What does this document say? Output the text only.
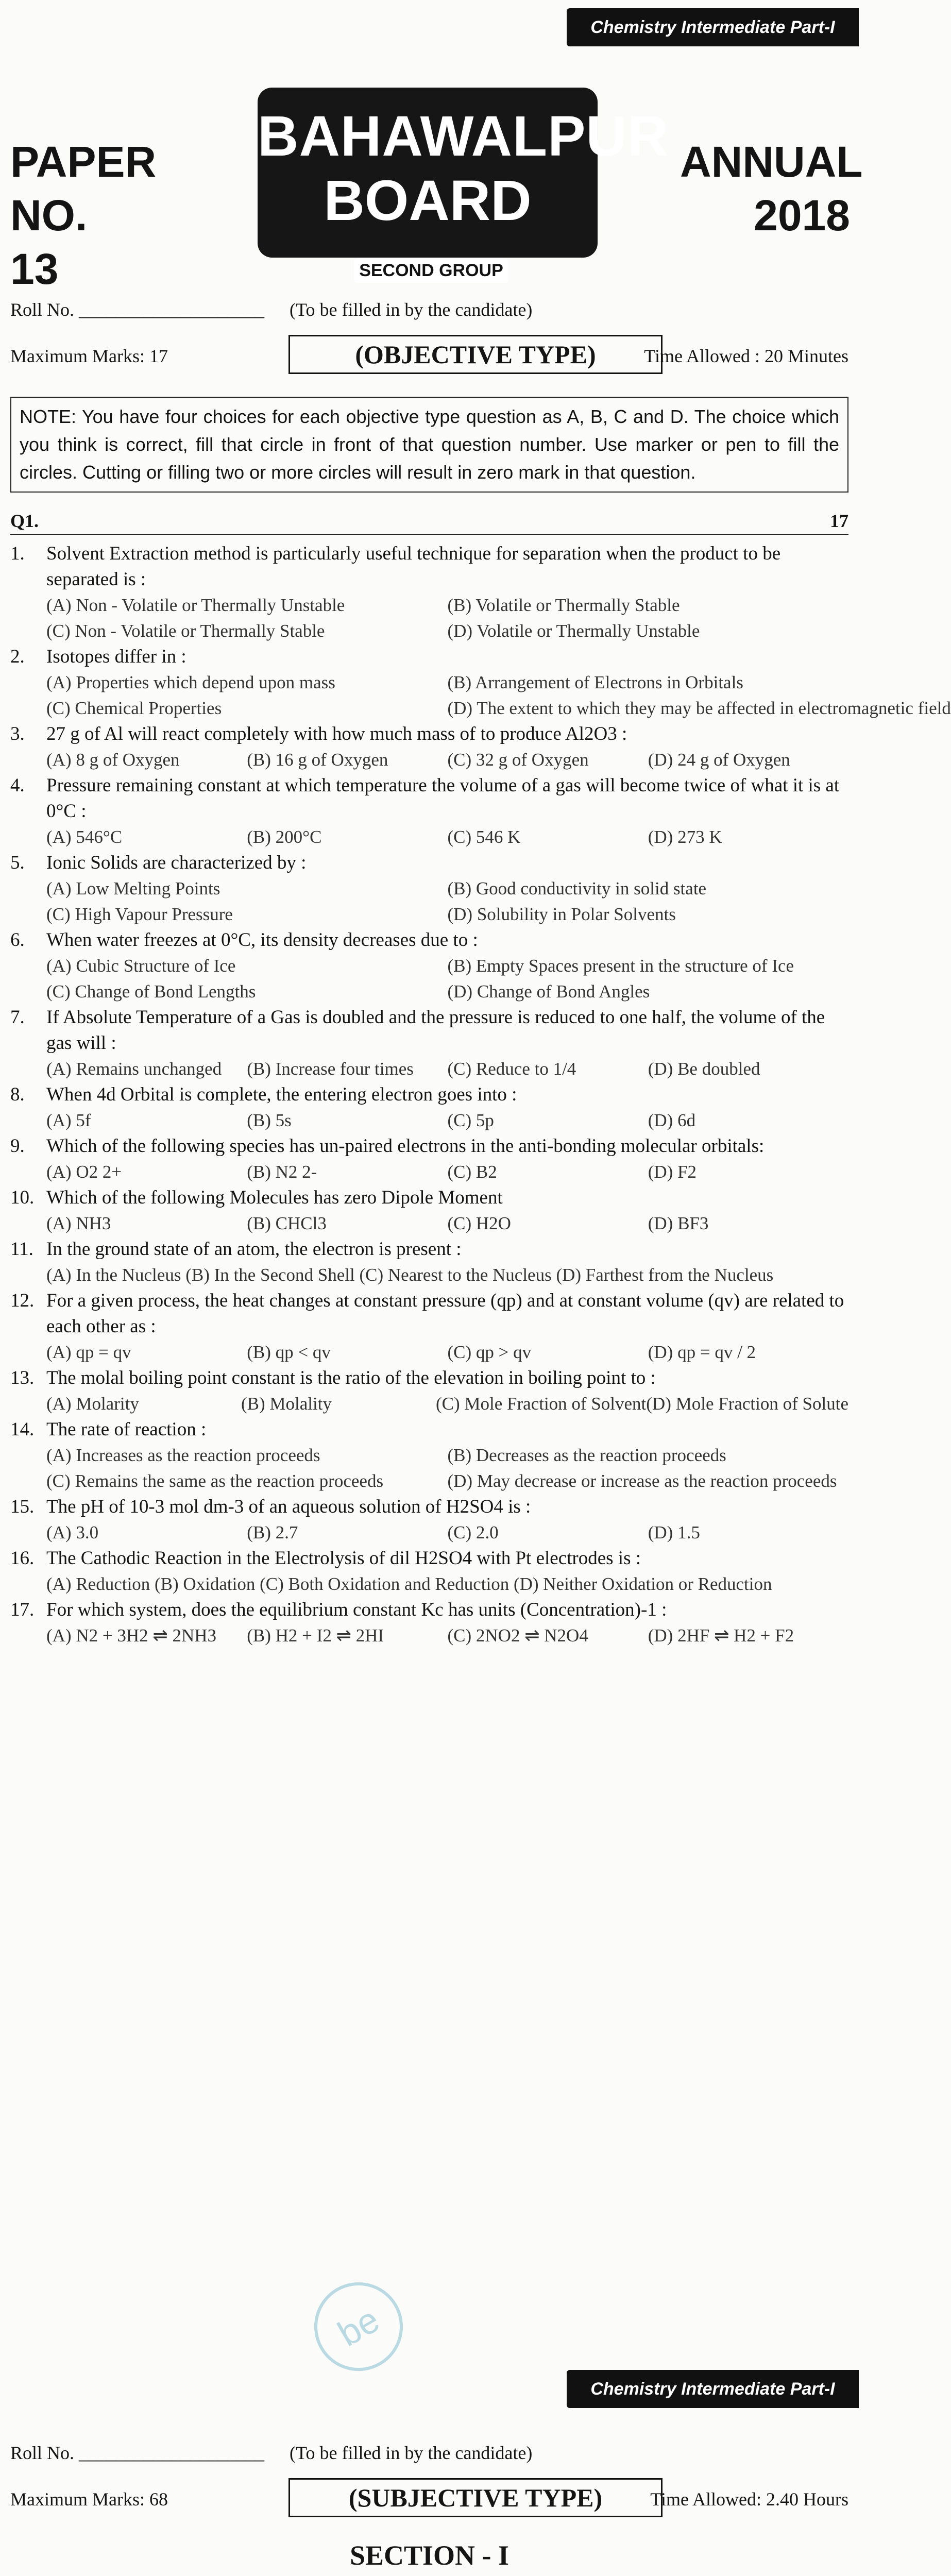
Chemistry Intermediate Part-I
PAPER
NO. 13
BAHAWALPUR
BOARD SECOND GROUP
ANNUAL
2018
Roll No. ____________________ (To be filled in by the candidate)
Maximum Marks: 17	Time Allowed : 20 Minutes
(OBJECTIVE TYPE)
NOTE: You have four choices for each objective type question as A, B, C and D. The choice which you think is correct, fill that circle in front of that question number. Use marker or pen to fill the circles. Cutting or filling two or more circles will result in zero mark in that question.
Q1.	17
1.	Solvent Extraction method is particularly useful technique for separation when the product to be separated is :
(A) Non - Volatile or Thermally Unstable	(B) Volatile or Thermally Stable
(C) Non - Volatile or Thermally Stable	(D) Volatile or Thermally Unstable
2.	Isotopes differ in :
(A) Properties which depend upon mass	(B) Arrangement of Electrons in Orbitals
(C) Chemical Properties	(D) The extent to which they may be affected in electromagnetic field
3.	27 g of Al will react completely with how much mass of to produce Al2O3 :
(A) 8 g of Oxygen	(B) 16 g of Oxygen	(C) 32 g of Oxygen	(D) 24 g of Oxygen
4.	Pressure remaining constant at which temperature the volume of a gas will become twice of what it is at 0°C :
(A) 546°C	(B) 200°C	(C) 546 K	(D) 273 K
5.	Ionic Solids are characterized by :
(A) Low Melting Points	(B) Good conductivity in solid state
(C) High Vapour Pressure	(D) Solubility in Polar Solvents
6.	When water freezes at 0°C, its density decreases due to :
(A) Cubic Structure of Ice	(B) Empty Spaces present in the structure of Ice
(C) Change of Bond Lengths	(D) Change of Bond Angles
7.	If Absolute Temperature of a Gas is doubled and the pressure is reduced to one half, the volume of the gas will :
(A) Remains unchanged	(B) Increase four times	(C) Reduce to 1/4	(D) Be doubled
8.	When 4d Orbital is complete, the entering electron goes into :
(A) 5f	(B) 5s	(C) 5p	(D) 6d
9.	Which of the following species has un-paired electrons in the anti-bonding molecular orbitals:
(A) O2 2+	(B) N2 2-	(C) B2	(D) F2
10. Which of the following Molecules has zero Dipole Moment
(A) NH3	(B) CHCl3	(C) H2O	(D) BF3
11. In the ground state of an atom, the electron is present :
(A) In the Nucleus (B) In the Second Shell (C) Nearest to the Nucleus (D) Farthest from the Nucleus
12. For a given process, the heat changes at constant pressure (qp) and at constant volume (qv) are related to each other as :
(A) qp = qv	(B) qp < qv	(C) qp > qv	(D) qp = qv / 2
13. The molal boiling point constant is the ratio of the elevation in boiling point to :
(A) Molarity	(B) Molality	(C) Mole Fraction of Solvent (D) Mole Fraction of Solute
14. The rate of reaction :
(A) Increases as the reaction proceeds	(B) Decreases as the reaction proceeds
(C) Remains the same as the reaction proceeds	(D) May decrease or increase as the reaction proceeds
15. The pH of 10-3 mol dm-3 of an aqueous solution of H2SO4 is :
(A) 3.0	(B) 2.7	(C) 2.0	(D) 1.5
16. The Cathodic Reaction in the Electrolysis of dil H2SO4 with Pt electrodes is :
(A) Reduction (B) Oxidation (C) Both Oxidation and Reduction (D) Neither Oxidation or Reduction
17. For which system, does the equilibrium constant Kc has units (Concentration)-1 :
(A) N2 + 3H2 ⇌ 2NH3	(B) H2 + I2 ⇌ 2HI	(C) 2NO2 ⇌ N2O4	(D) 2HF ⇌ H2 + F2
be
Chemistry Intermediate Part-I
Roll No. ____________________ (To be filled in by the candidate)
Maximum Marks: 68	Time Allowed: 2.40 Hours
(SUBJECTIVE TYPE)
SECTION - I
